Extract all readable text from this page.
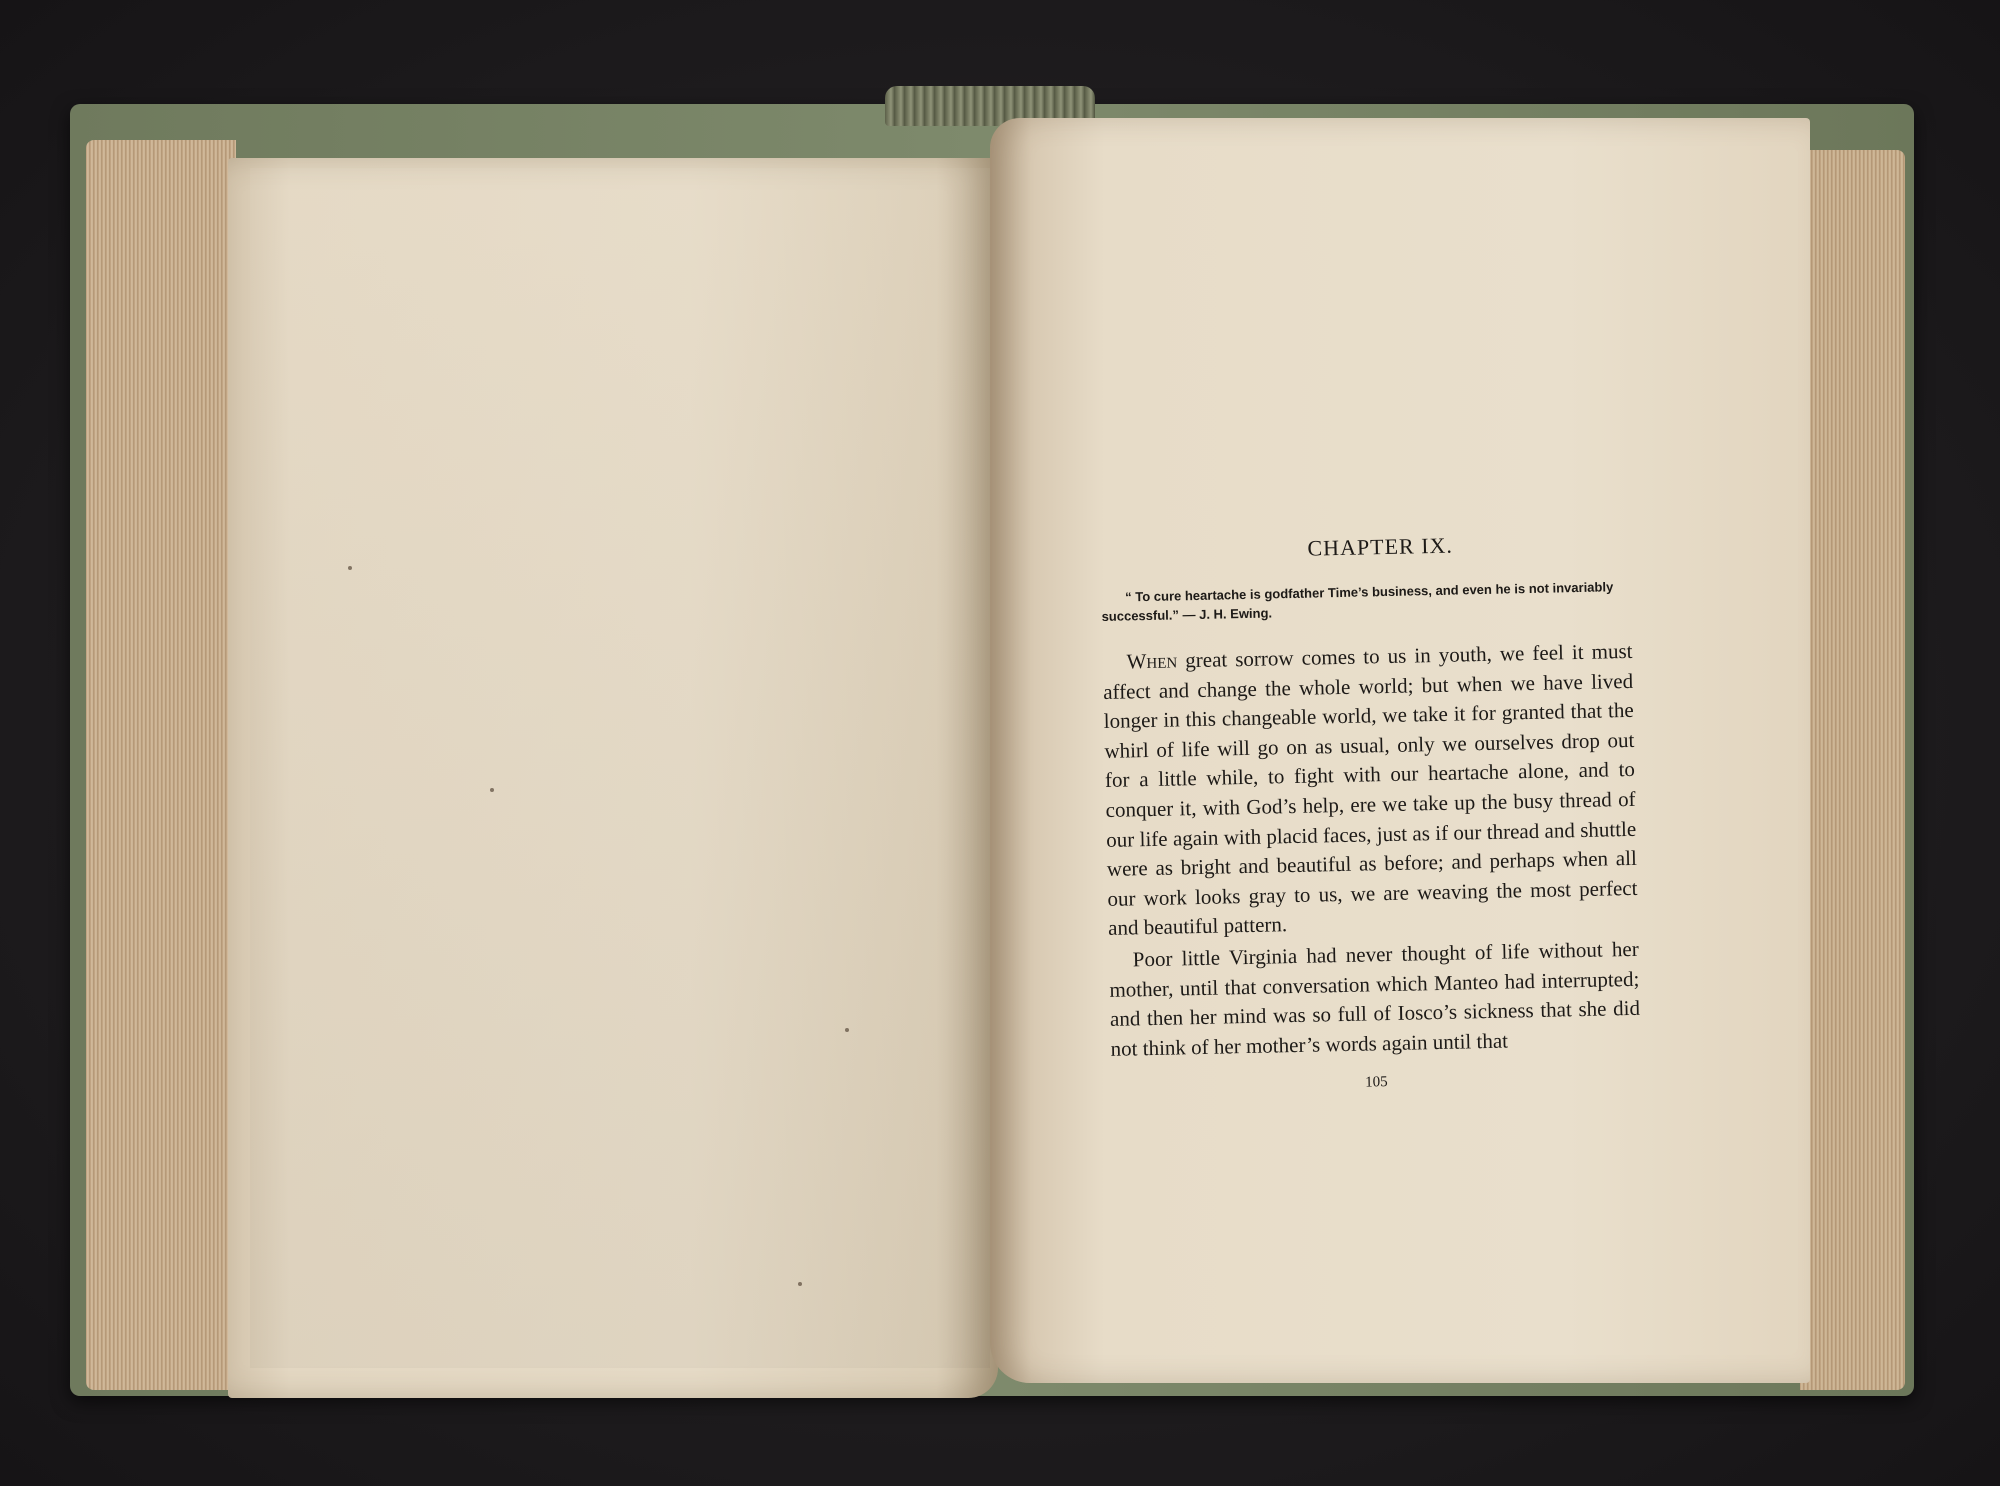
CHAPTER IX.

“ To cure heartache is godfather Time’s business, and even he is not invariably successful.” — J. H. Ewing.

When great sorrow comes to us in youth, we feel it must affect and change the whole world; but when we have lived longer in this changeable world, we take it for granted that the whirl of life will go on as usual, only we ourselves drop out for a little while, to fight with our heartache alone, and to conquer it, with God’s help, ere we take up the busy thread of our life again with placid faces, just as if our thread and shuttle were as bright and beautiful as before; and perhaps when all our work looks gray to us, we are weaving the most perfect and beautiful pattern.

Poor little Virginia had never thought of life without her mother, until that conversation which Manteo had interrupted; and then her mind was so full of Iosco’s sickness that she did not think of her mother’s words again until that

105
